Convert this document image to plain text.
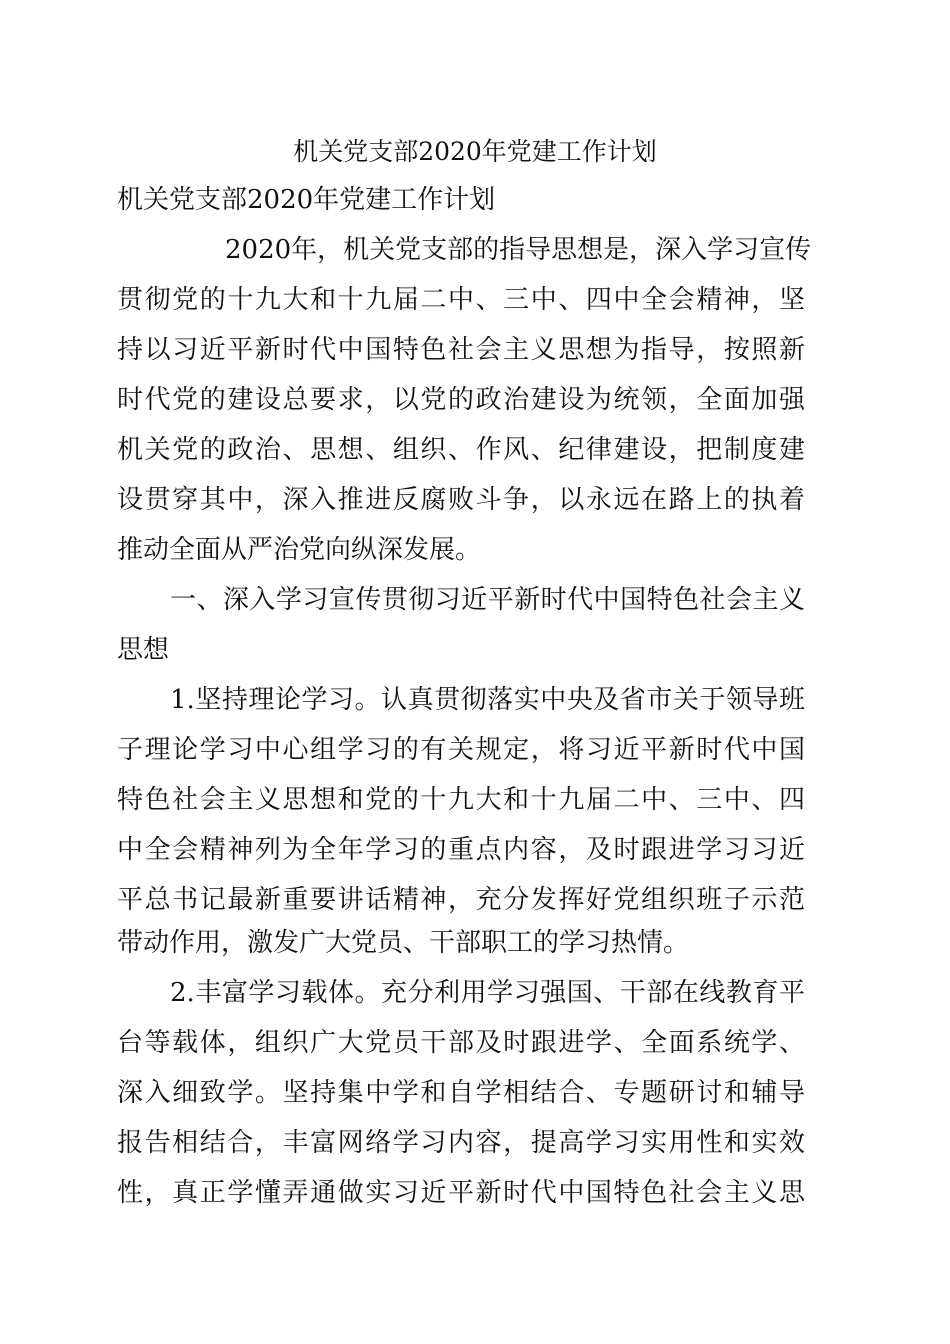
机关党支部2020年党建工作计划
机关党支部2020年党建工作计划
2020年，机关党支部的指导思想是，深入学习宣传
贯彻党的十九大和十九届二中、三中、四中全会精神，坚
持以习近平新时代中国特色社会主义思想为指导，按照新
时代党的建设总要求，以党的政治建设为统领，全面加强
机关党的政治、思想、组织、作风、纪律建设，把制度建
设贯穿其中，深入推进反腐败斗争，以永远在路上的执着
推动全面从严治党向纵深发展。
一、深入学习宣传贯彻习近平新时代中国特色社会主义
思想
1.坚持理论学习。认真贯彻落实中央及省市关于领导班
子理论学习中心组学习的有关规定，将习近平新时代中国
特色社会主义思想和党的十九大和十九届二中、三中、四
中全会精神列为全年学习的重点内容，及时跟进学习习近
平总书记最新重要讲话精神，充分发挥好党组织班子示范
带动作用，激发广大党员、干部职工的学习热情。
2.丰富学习载体。充分利用学习强国、干部在线教育平
台等载体，组织广大党员干部及时跟进学、全面系统学、
深入细致学。坚持集中学和自学相结合、专题研讨和辅导
报告相结合，丰富网络学习内容，提高学习实用性和实效
性，真正学懂弄通做实习近平新时代中国特色社会主义思
